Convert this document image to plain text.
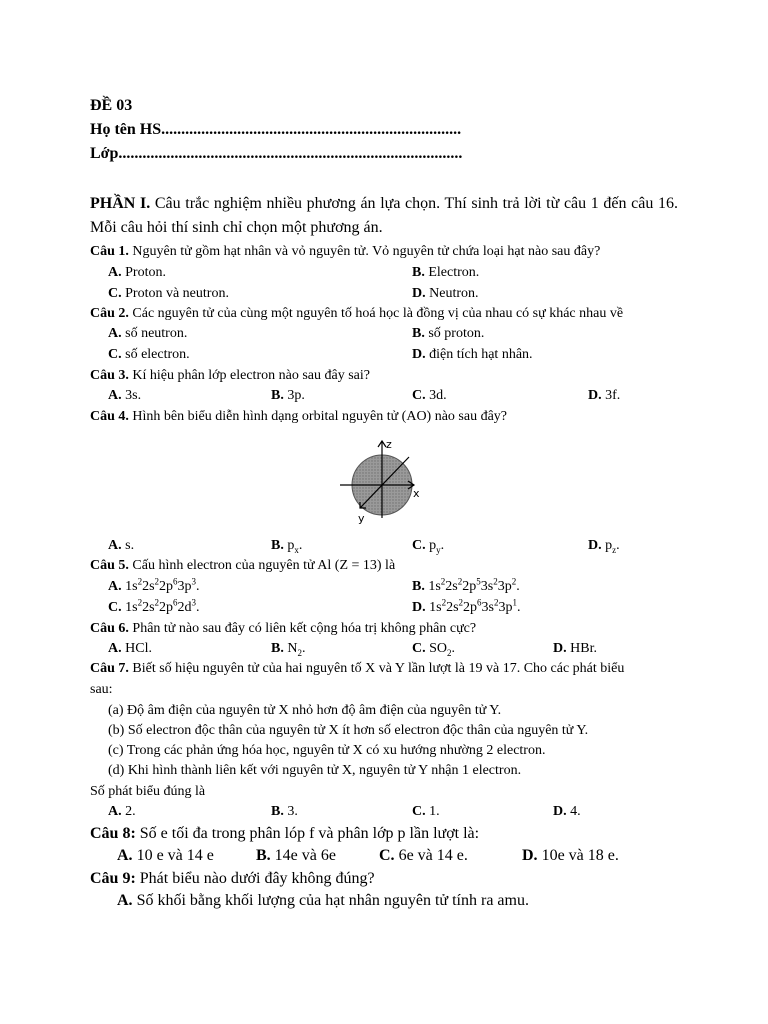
ĐỀ 03
Họ tên HS...........................................................................
Lớp......................................................................................
PHẦN I. Câu trắc nghiệm nhiều phương án lựa chọn. Thí sinh trả lời từ câu 1 đến câu 16. Mỗi câu hỏi thí sinh chỉ chọn một phương án.
Câu 1. Nguyên tử gồm hạt nhân và vỏ nguyên tử. Vỏ nguyên tử chứa loại hạt nào sau đây?
A. Proton.	B. Electron.
C. Proton và neutron.	D. Neutron.
Câu 2. Các nguyên tử của cùng một nguyên tố hoá học là đồng vị của nhau có sự khác nhau về
A. số neutron.	B. số proton.
C. số electron.	D. điện tích hạt nhân.
Câu 3. Kí hiệu phân lớp electron nào sau đây sai?
A. 3s.	B. 3p.	C. 3d.	D. 3f.
Câu 4. Hình bên biểu diễn hình dạng orbital nguyên tử (AO) nào sau đây?
z
x
y
A. s.	B. $p_x$.	C. $p_y$.	D. $p_z$.
Câu 5. Cấu hình electron của nguyên tử Al (Z = 13) là
A. $1s^22s^22p^63p^3$.	B. $1s^22s^22p^53s^23p^2$.
C. $1s^22s^22p^62d^3$.	D. $1s^22s^22p^63s^23p^1$.
Câu 6. Phân tử nào sau đây có liên kết cộng hóa trị không phân cực?
A. HCl.	B. $N_2$.	C. $SO_2$.	D. HBr.
Câu 7. Biết số hiệu nguyên tử của hai nguyên tố X và Y lần lượt là 19 và 17. Cho các phát biểu
sau:
(a) Độ âm điện của nguyên tử X nhỏ hơn độ âm điện của nguyên tử Y.
(b) Số electron độc thân của nguyên tử X ít hơn số electron độc thân của nguyên tử Y.
(c) Trong các phản ứng hóa học, nguyên tử X có xu hướng nhường 2 electron.
(d) Khi hình thành liên kết với nguyên tử X, nguyên tử Y nhận 1 electron.
Số phát biểu đúng là
A. 2.	B. 3.	C. 1.	D. 4.
Câu 8: Số e tối đa trong phân lóp f và phân lớp p lần lượt là:
A. 10 e và 14 e	B. 14e và 6e	C. 6e và 14 e.	D. 10e và 18 e.
Câu 9: Phát biểu nào dưới đây không đúng?
A. Số khối bằng khối lượng của hạt nhân nguyên tử tính ra amu.
